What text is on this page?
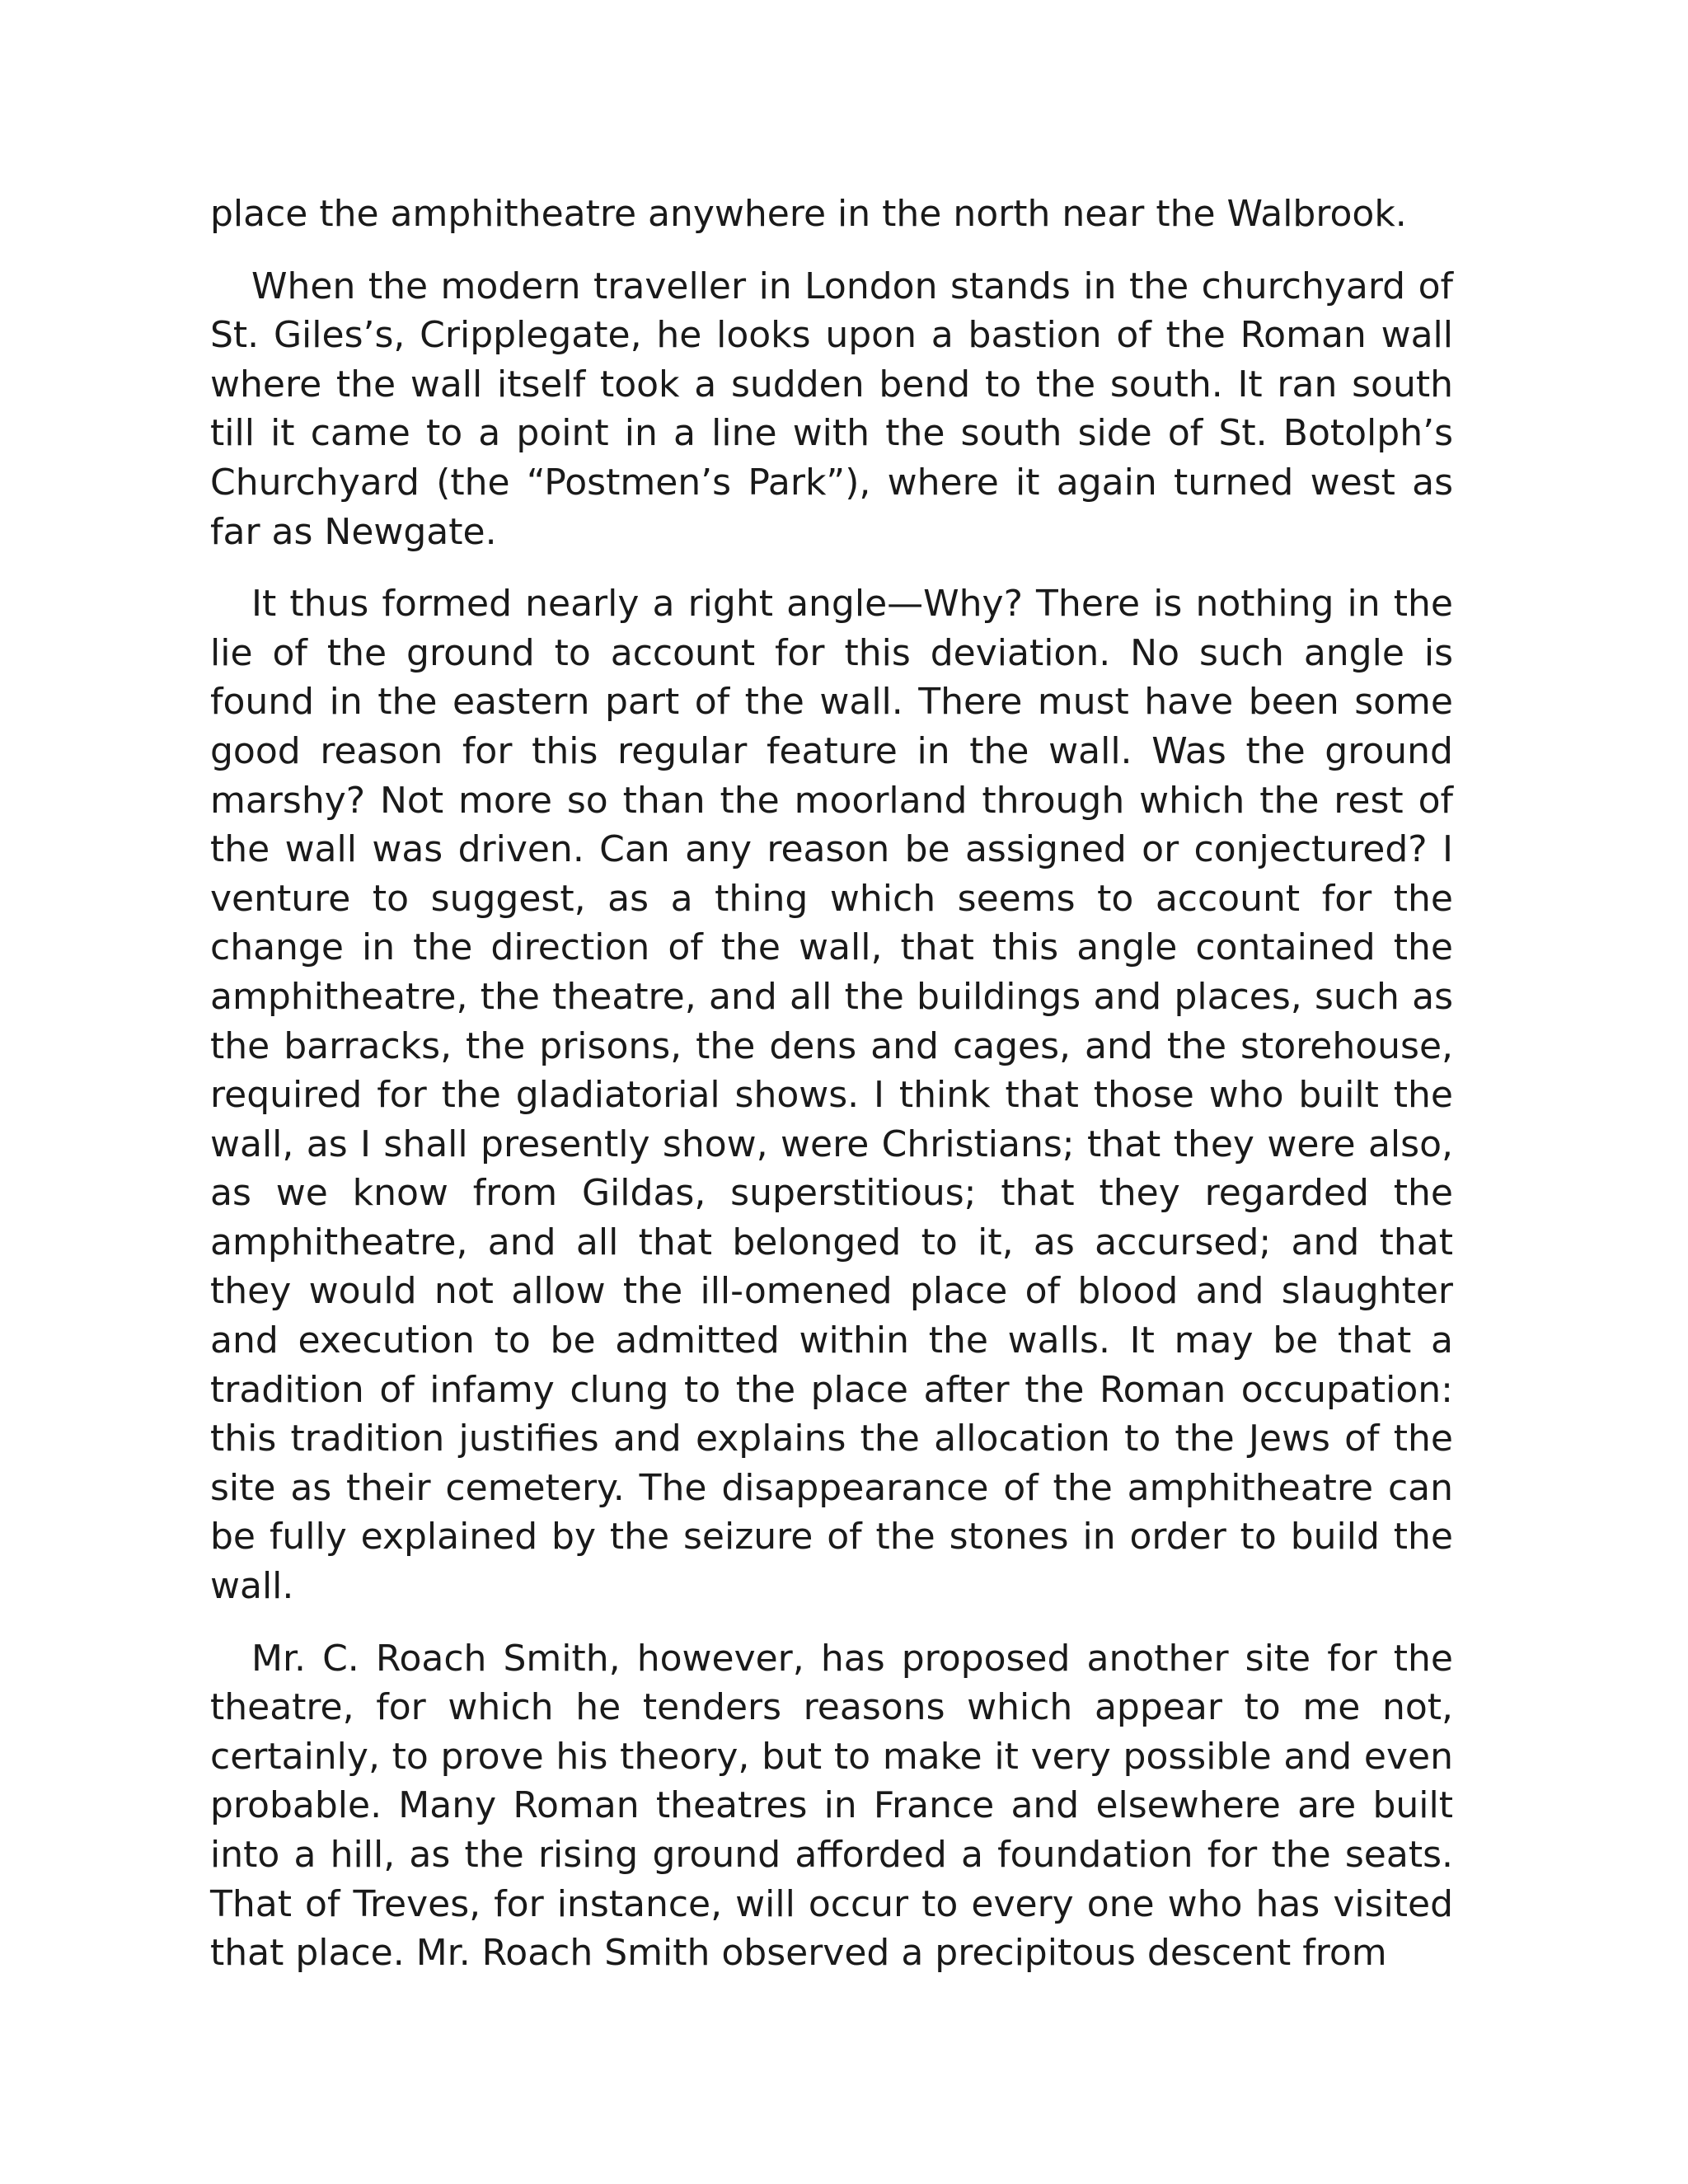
place the amphitheatre anywhere in the north near the Walbrook.

When the modern traveller in London stands in the churchyard of St. Giles’s, Cripplegate, he looks upon a bastion of the Roman wall where the wall itself took a sudden bend to the south. It ran south till it came to a point in a line with the south side of St. Botolph’s Churchyard (the “Postmen’s Park”), where it again turned west as far as Newgate.

It thus formed nearly a right angle—Why? There is nothing in the lie of the ground to account for this deviation. No such angle is found in the eastern part of the wall. There must have been some good reason for this regular feature in the wall. Was the ground marshy? Not more so than the moorland through which the rest of the wall was driven. Can any reason be assigned or conjectured? I venture to suggest, as a thing which seems to account for the change in the direction of the wall, that this angle contained the amphitheatre, the theatre, and all the buildings and places, such as the barracks, the prisons, the dens and cages, and the storehouse, required for the gladiatorial shows. I think that those who built the wall, as I shall presently show, were Christians; that they were also, as we know from Gildas, superstitious; that they regarded the amphitheatre, and all that belonged to it, as accursed; and that they would not allow the ill-omened place of blood and slaughter and execution to be admitted within the walls. It may be that a tradition of infamy clung to the place after the Roman occupation: this tradition justifies and explains the allocation to the Jews of the site as their cemetery. The disappearance of the amphitheatre can be fully explained by the seizure of the stones in order to build the wall.

Mr. C. Roach Smith, however, has proposed another site for the theatre, for which he tenders reasons which appear to me not, certainly, to prove his theory, but to make it very possible and even probable. Many Roman theatres in France and elsewhere are built into a hill, as the rising ground afforded a foundation for the seats. That of Treves, for instance, will occur to every one who has visited that place. Mr. Roach Smith observed a precipitous descent from
